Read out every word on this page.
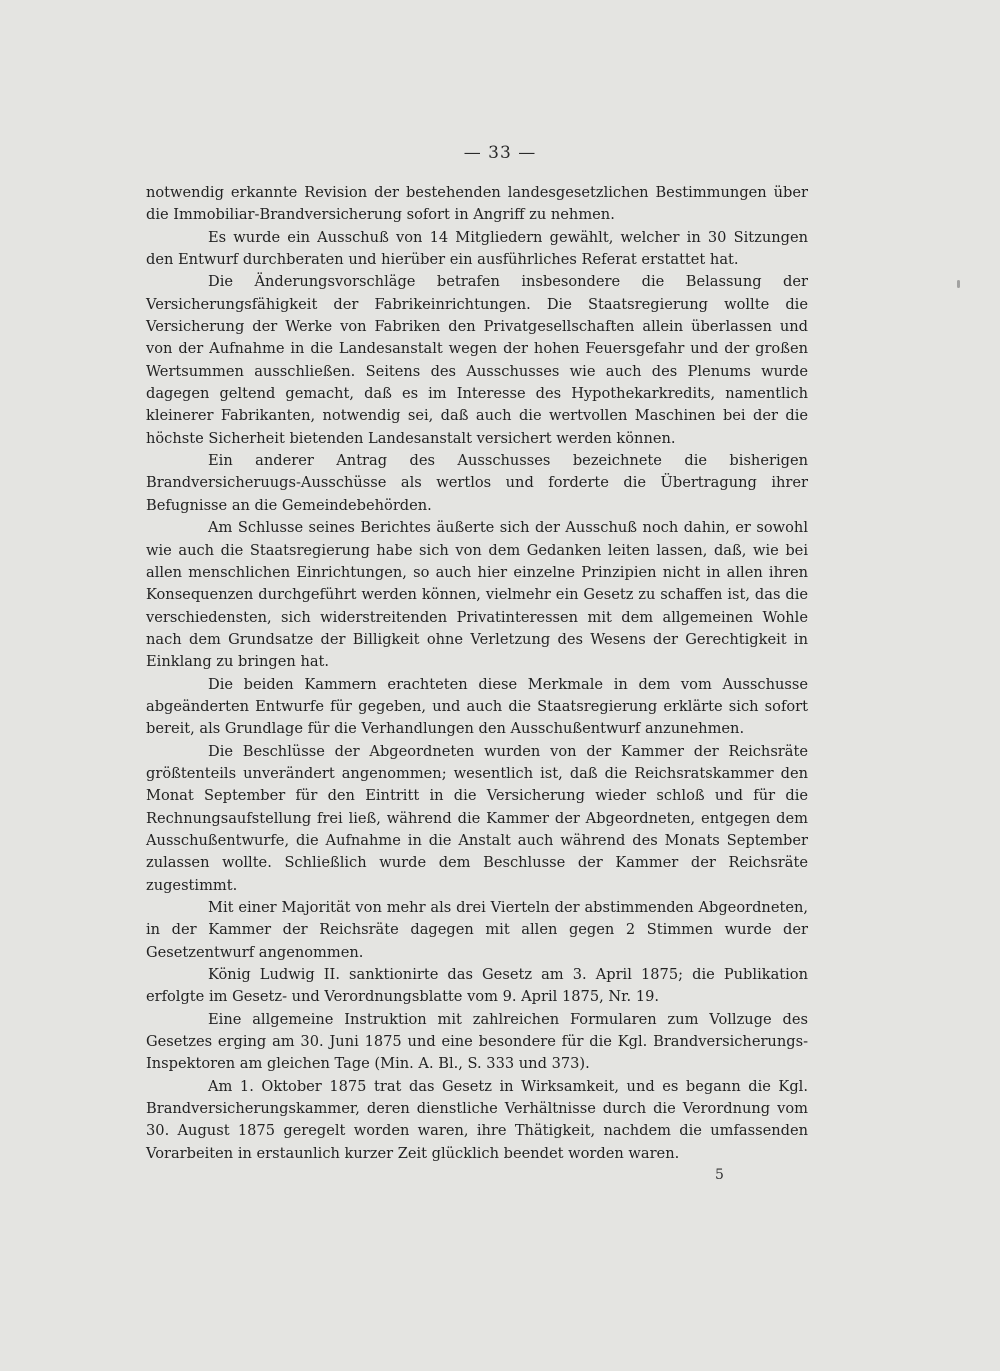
— 33 —

notwendig erkannte Revision der bestehenden landesgesetzlichen Bestimmungen über die Immobiliar-Brandversicherung sofort in Angriff zu nehmen.

Es wurde ein Ausschuß von 14 Mitgliedern gewählt, welcher in 30 Sitzungen den Entwurf durchberaten und hierüber ein ausführliches Referat erstattet hat.

Die Änderungsvorschläge betrafen insbesondere die Belassung der Versicherungsfähigkeit der Fabrikeinrichtungen. Die Staatsregierung wollte die Versicherung der Werke von Fabriken den Privatgesellschaften allein überlassen und von der Aufnahme in die Landesanstalt wegen der hohen Feuersgefahr und der großen Wertsummen ausschließen. Seitens des Ausschusses wie auch des Plenums wurde dagegen geltend gemacht, daß es im Interesse des Hypothekarkredits, namentlich kleinerer Fabrikanten, notwendig sei, daß auch die wertvollen Maschinen bei der die höchste Sicherheit bietenden Landesanstalt versichert werden können.

Ein anderer Antrag des Ausschusses bezeichnete die bisherigen Brandversicheruugs-Ausschüsse als wertlos und forderte die Übertragung ihrer Befugnisse an die Gemeindebehörden.

Am Schlusse seines Berichtes äußerte sich der Ausschuß noch dahin, er sowohl wie auch die Staatsregierung habe sich von dem Gedanken leiten lassen, daß, wie bei allen menschlichen Einrichtungen, so auch hier einzelne Prinzipien nicht in allen ihren Konsequenzen durchgeführt werden können, vielmehr ein Gesetz zu schaffen ist, das die verschiedensten, sich widerstreitenden Privatinteressen mit dem allgemeinen Wohle nach dem Grundsatze der Billigkeit ohne Verletzung des Wesens der Gerechtigkeit in Einklang zu bringen hat.

Die beiden Kammern erachteten diese Merkmale in dem vom Ausschusse abgeänderten Entwurfe für gegeben, und auch die Staatsregierung erklärte sich sofort bereit, als Grundlage für die Verhandlungen den Ausschußentwurf anzunehmen.

Die Beschlüsse der Abgeordneten wurden von der Kammer der Reichsräte größtenteils unverändert angenommen; wesentlich ist, daß die Reichsratskammer den Monat September für den Eintritt in die Versicherung wieder schloß und für die Rechnungsaufstellung frei ließ, während die Kammer der Abgeordneten, entgegen dem Ausschußentwurfe, die Aufnahme in die Anstalt auch während des Monats September zulassen wollte. Schließlich wurde dem Beschlusse der Kammer der Reichsräte zugestimmt.

Mit einer Majorität von mehr als drei Vierteln der abstimmenden Abgeordneten, in der Kammer der Reichsräte dagegen mit allen gegen 2 Stimmen wurde der Gesetzentwurf angenommen.

König Ludwig II. sanktionirte das Gesetz am 3. April 1875; die Publikation erfolgte im Gesetz- und Verordnungsblatte vom 9. April 1875, Nr. 19.

Eine allgemeine Instruktion mit zahlreichen Formularen zum Vollzuge des Gesetzes erging am 30. Juni 1875 und eine besondere für die Kgl. Brandversicherungs-Inspektoren am gleichen Tage (Min. A. Bl., S. 333 und 373).

Am 1. Oktober 1875 trat das Gesetz in Wirksamkeit, und es begann die Kgl. Brandversicherungskammer, deren dienstliche Verhältnisse durch die Verordnung vom 30. August 1875 geregelt worden waren, ihre Thätigkeit, nachdem die umfassenden Vorarbeiten in erstaunlich kurzer Zeit glücklich beendet worden waren.

5
